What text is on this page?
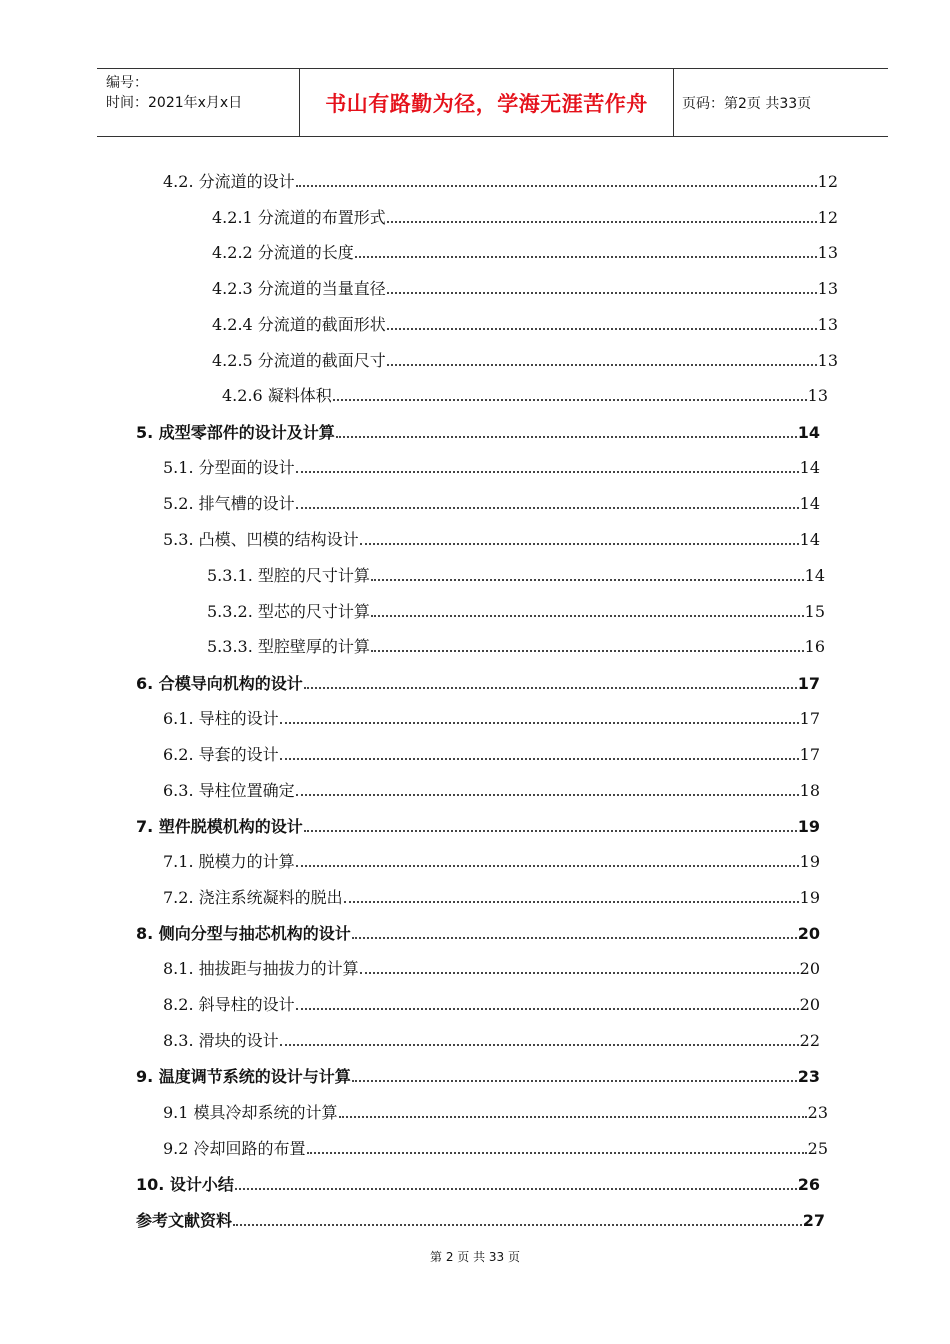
编号：
时间：2021年x月x日	书山有路勤为径，学海无涯苦作舟 页码：第2页 共33页
4.2. 分流道的设计	12
4.2.1 分流道的布置形式	12
4.2.2 分流道的长度	13
4.2.3 分流道的当量直径	13
4.2.4 分流道的截面形状	13
4.2.5 分流道的截面尺寸	13
4.2.6 凝料体积	13
5. 成型零部件的设计及计算	14
5.1. 分型面的设计	14
5.2. 排气槽的设计	14
5.3. 凸模、凹模的结构设计	14
5.3.1. 型腔的尺寸计算	14
5.3.2. 型芯的尺寸计算	15
5.3.3. 型腔壁厚的计算	16
6. 合模导向机构的设计	17
6.1. 导柱的设计	17
6.2. 导套的设计	17
6.3. 导柱位置确定	18
7. 塑件脱模机构的设计	19
7.1. 脱模力的计算	19
7.2. 浇注系统凝料的脱出	19
8. 侧向分型与抽芯机构的设计	20
8.1. 抽拔距与抽拔力的计算	20
8.2. 斜导柱的设计	20
8.3. 滑块的设计	22
9. 温度调节系统的设计与计算	23
9.1 模具冷却系统的计算	23
9.2 冷却回路的布置	25
10. 设计小结	26
参考文献资料	27
第 2 页 共 33 页
